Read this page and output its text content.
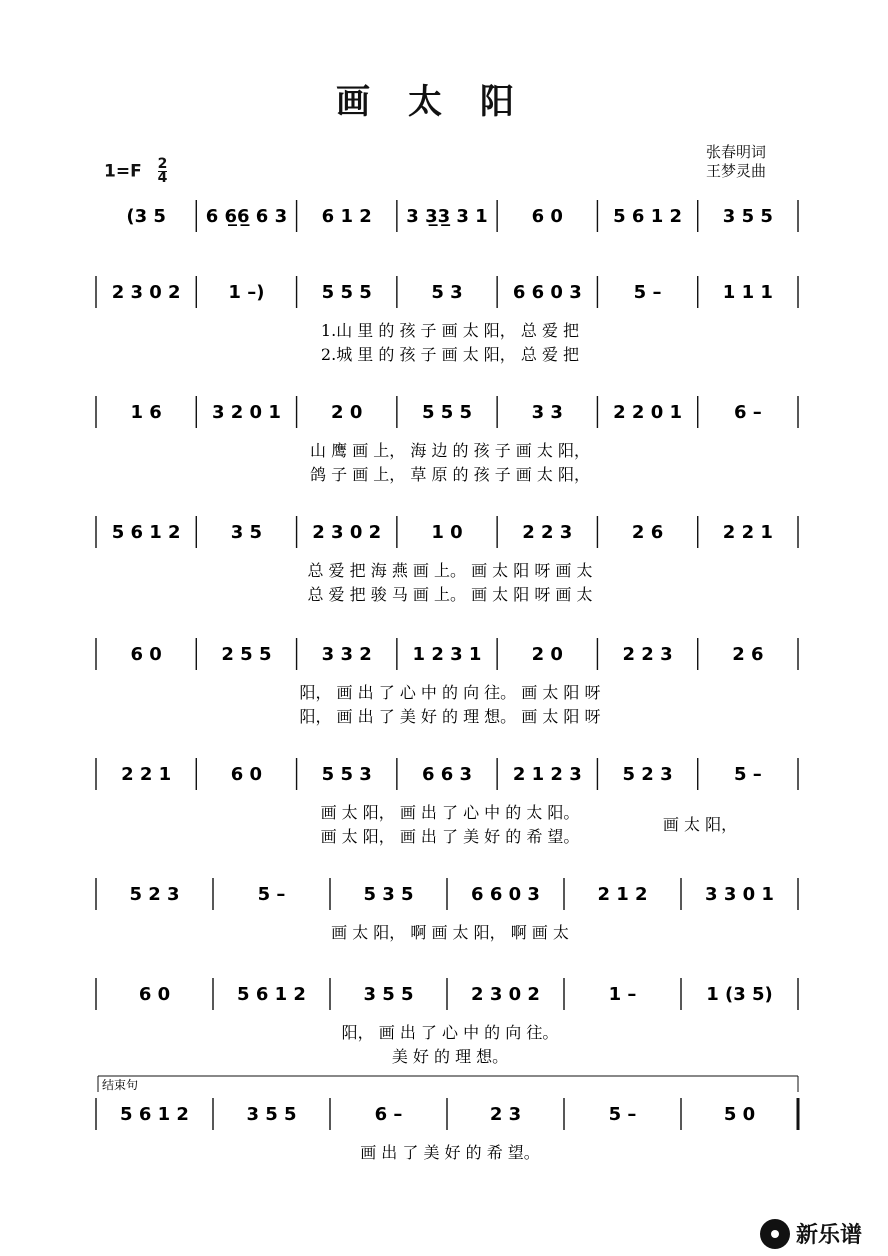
画太阳
$1=F \frac{2}{4}$
张春明词
王梦灵曲
(3 5 6 6̲6̲ 6 3 6 1 2 3 3̲3̲ 3 1 6 0	5 6 1 2 3 5 5
2 3 0 2	1 –)	5 5 5	5 3	6 6 0 3	5 –	1 1 1
1.山 里 的 孩 子 画 太 阳， 总 爱 把
2.城 里 的 孩 子 画 太 阳， 总 爱 把
1 6	3 2 0 1	2 0	5 5 5	3 3	2 2 0 1	6 –
山 鹰 画 上， 海 边 的 孩 子 画 太 阳，
鸽 子 画 上， 草 原 的 孩 子 画 太 阳，
5 6 1 2	3 5	2 3 0 2	1 0	2 2 3	2 6	2 2 1
总 爱 把 海 燕 画 上。 画 太 阳 呀 画 太
总 爱 把 骏 马 画 上。 画 太 阳 呀 画 太
6 0	2 5 5	3 3 2 1 2 3 1	2 0	2 2 3	2 6
阳， 画 出 了 心 中 的 向 往。 画 太 阳 呀
阳， 画 出 了 美 好 的 理 想。 画 太 阳 呀
2 2 1	6 0	5 5 3	6 6 3 2 1 2 3 5 2 3	5 –
画 太 阳， 画 出 了 心 中 的 太 阳。
画 太 阳， 画 出 了 美 好 的 希 望。
画 太 阳，
5 2 3	5 –	5 3 5	6 6 0 3	2 1 2	3 3 0 1
画 太 阳， 啊 画 太 阳， 啊 画 太
6 0	5 6 1 2	3 5 5	2 3 0 2	1 –	1 (3 5)
阳， 画 出 了 心 中 的 向 往。
美 好 的 理 想。
5 6 1 2	3 5 5	6 –	2 3	5 –	5 0
画 出 了 美 好 的 希 望。
结束句
新乐谱
